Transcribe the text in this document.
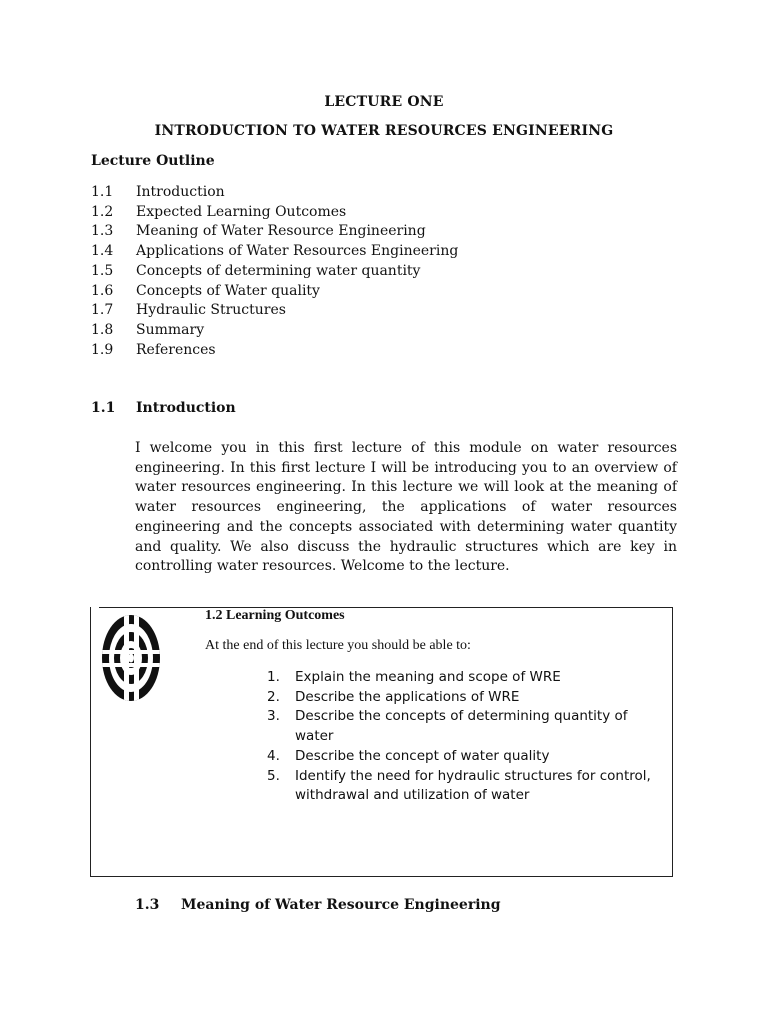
LECTURE ONE
INTRODUCTION TO WATER RESOURCES ENGINEERING
Lecture Outline
1.1	Introduction
1.2	Expected Learning Outcomes
1.3	Meaning of Water Resource Engineering
1.4	Applications of Water Resources Engineering
1.5	Concepts of determining water quantity
1.6	Concepts of Water quality
1.7	Hydraulic Structures
1.8	Summary
1.9	References
1.1	Introduction

I welcome you in this first lecture of this module on water resources engineering. In this first lecture I will be introducing you to an overview of water resources engineering. In this lecture we will look at the meaning of water resources engineering, the applications of water resources engineering and the concepts associated with determining water quantity and quality. We also discuss the hydraulic structures which are key in controlling water resources. Welcome to the lecture.

1.2 Learning Outcomes
At the end of this lecture you should be able to:
1.	Explain the meaning and scope of WRE
2.	Describe the applications of WRE
3.	Describe the concepts of determining quantity of water
4.	Describe the concept of water quality
5.	Identify the need for hydraulic structures for control, withdrawal and utilization of water
1.3	Meaning of Water Resource Engineering
